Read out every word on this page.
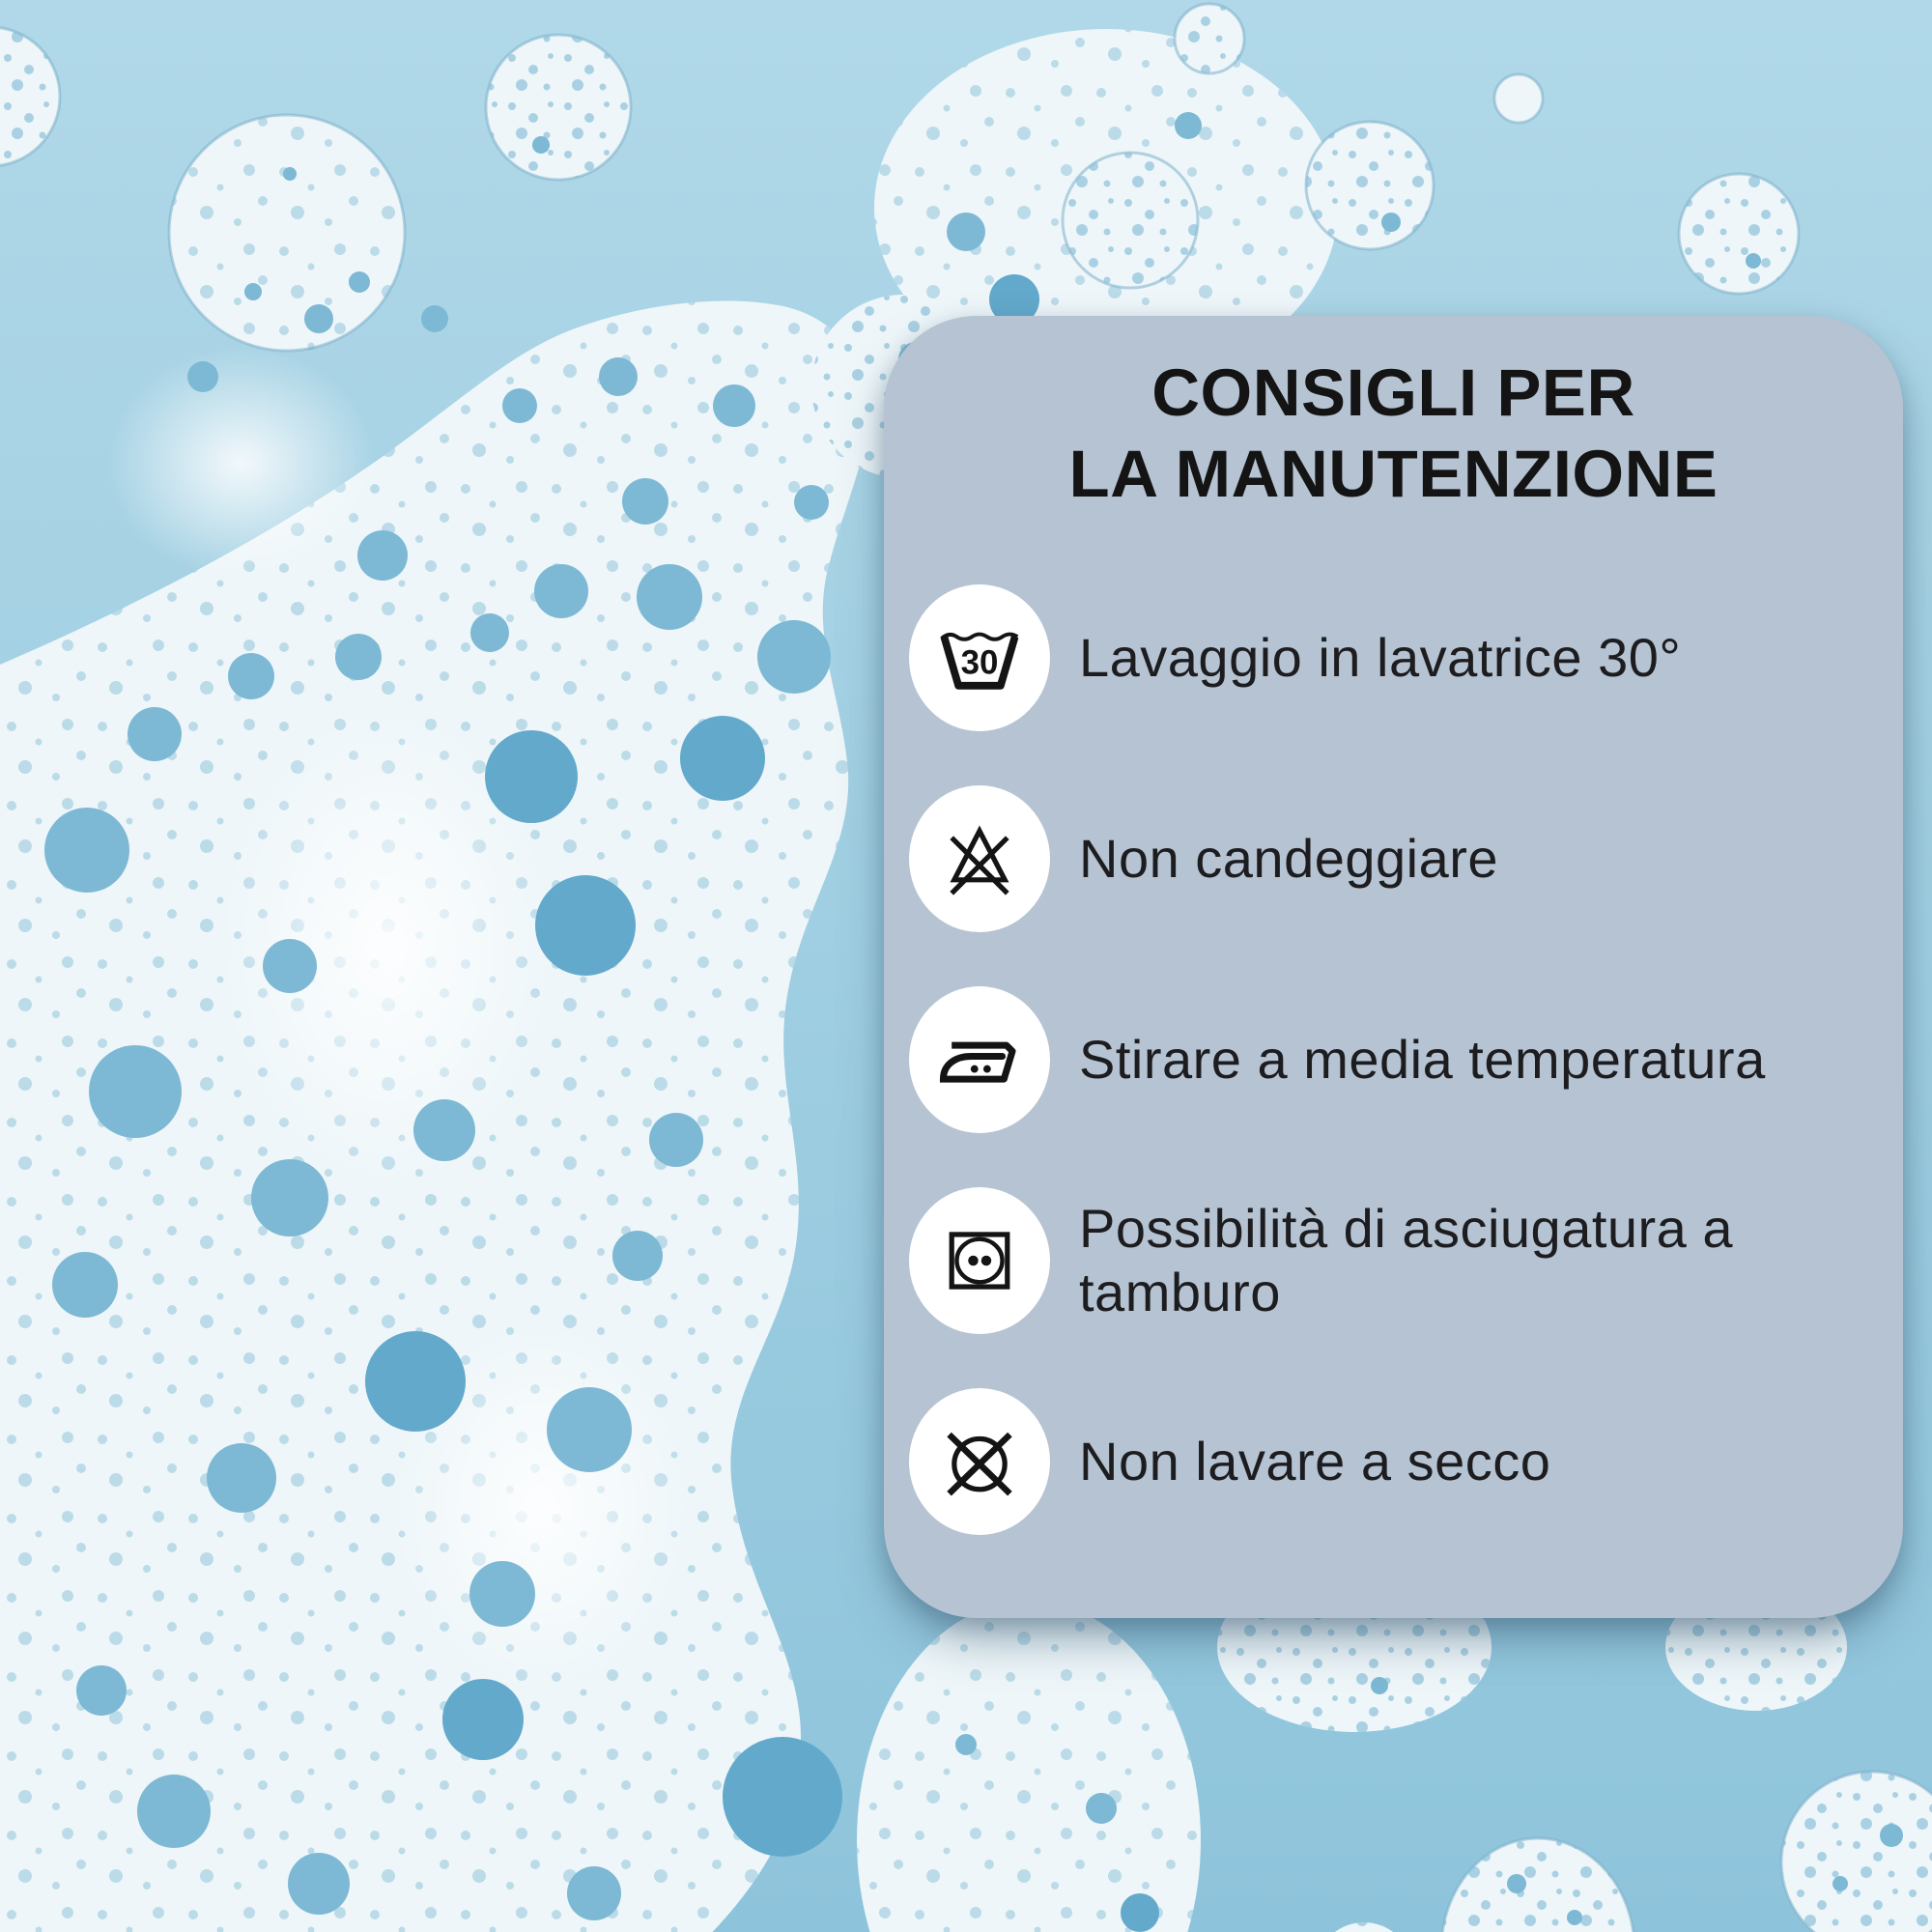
CONSIGLI PER
LA MANUTENZIONE
30 Lavaggio in lavatrice 30°
Non candeggiare
Stirare a media temperatura
Possibilità di asciugatura a tamburo
Non lavare a secco
